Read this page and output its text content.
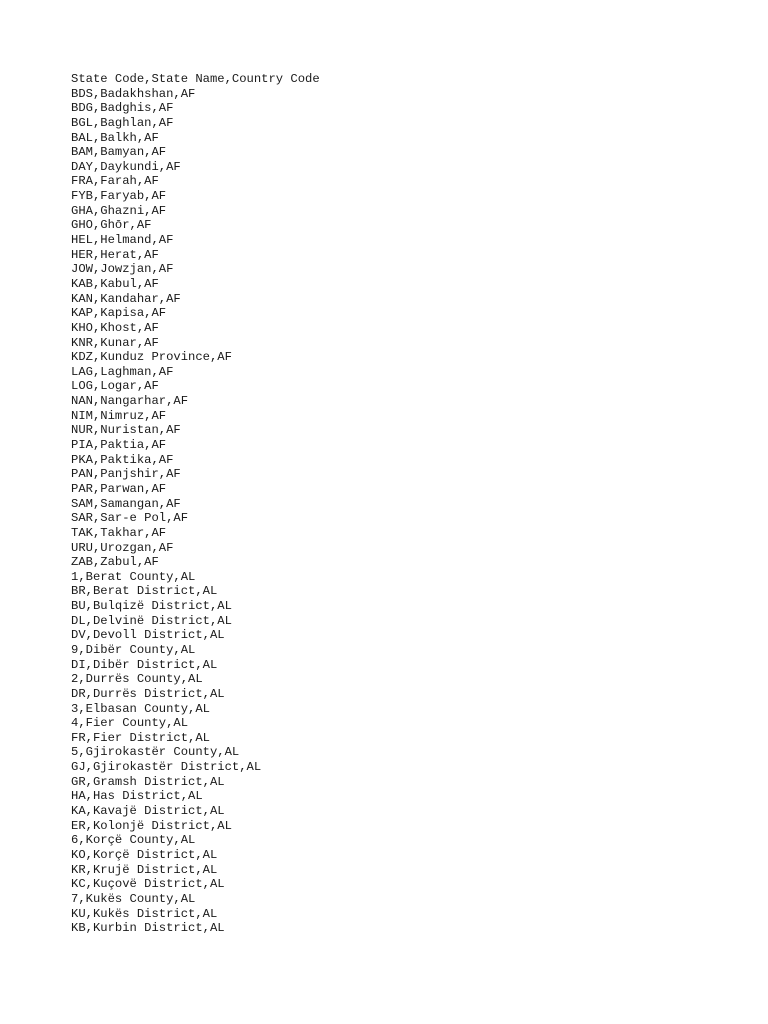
State Code,State Name,Country Code
BDS,Badakhshan,AF
BDG,Badghis,AF
BGL,Baghlan,AF
BAL,Balkh,AF
BAM,Bamyan,AF
DAY,Daykundi,AF
FRA,Farah,AF
FYB,Faryab,AF
GHA,Ghazni,AF
GHO,Ghōr,AF
HEL,Helmand,AF
HER,Herat,AF
JOW,Jowzjan,AF
KAB,Kabul,AF
KAN,Kandahar,AF
KAP,Kapisa,AF
KHO,Khost,AF
KNR,Kunar,AF
KDZ,Kunduz Province,AF
LAG,Laghman,AF
LOG,Logar,AF
NAN,Nangarhar,AF
NIM,Nimruz,AF
NUR,Nuristan,AF
PIA,Paktia,AF
PKA,Paktika,AF
PAN,Panjshir,AF
PAR,Parwan,AF
SAM,Samangan,AF
SAR,Sar-e Pol,AF
TAK,Takhar,AF
URU,Urozgan,AF
ZAB,Zabul,AF
1,Berat County,AL
BR,Berat District,AL
BU,Bulqizë District,AL
DL,Delvinë District,AL
DV,Devoll District,AL
9,Dibër County,AL
DI,Dibër District,AL
2,Durrës County,AL
DR,Durrës District,AL
3,Elbasan County,AL
4,Fier County,AL
FR,Fier District,AL
5,Gjirokastër County,AL
GJ,Gjirokastër District,AL
GR,Gramsh District,AL
HA,Has District,AL
KA,Kavajë District,AL
ER,Kolonjë District,AL
6,Korçë County,AL
KO,Korçë District,AL
KR,Krujë District,AL
KC,Kuçovë District,AL
7,Kukës County,AL
KU,Kukës District,AL
KB,Kurbin District,AL
